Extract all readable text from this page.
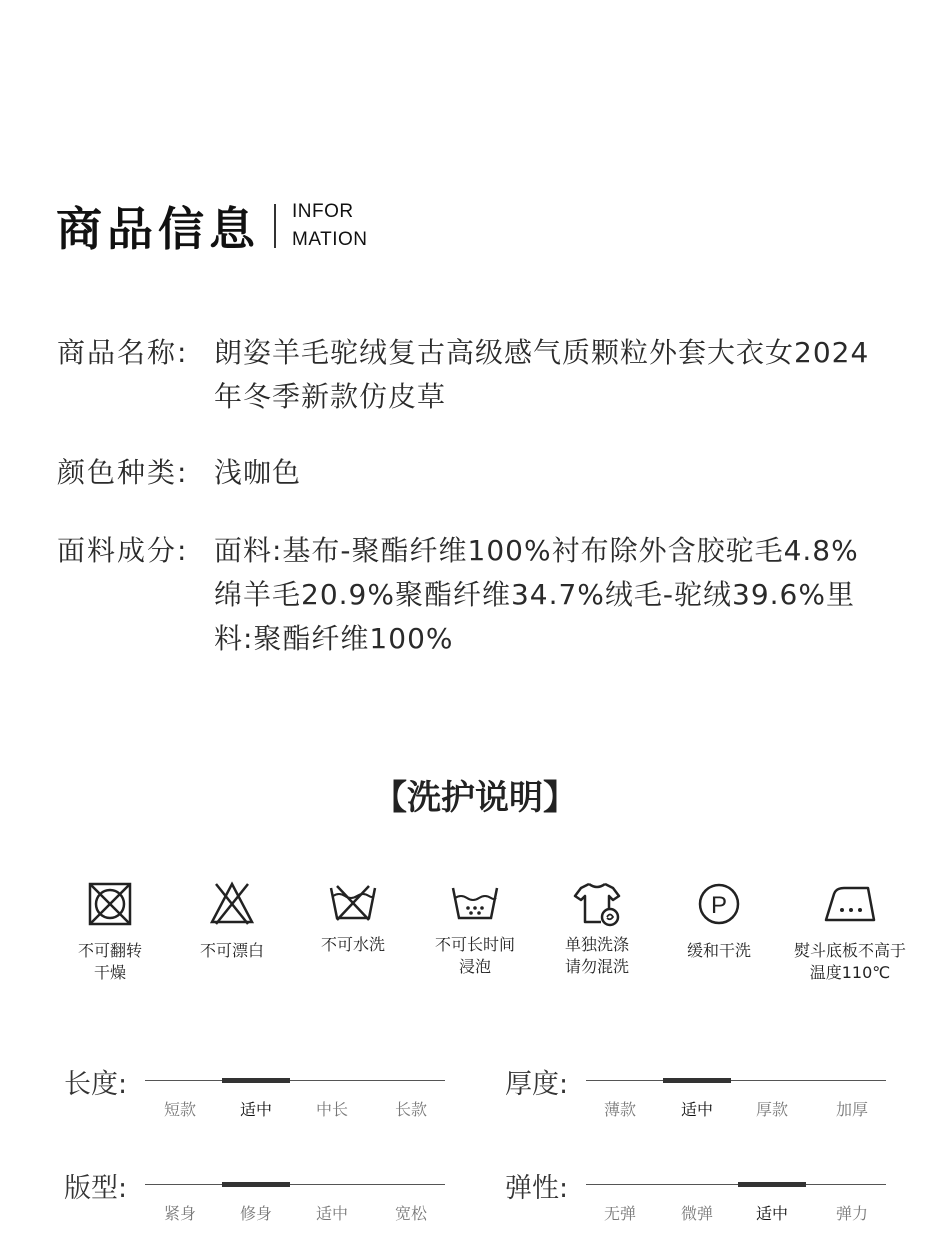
商品信息 INFOR
MATION
商品名称: 朗姿羊毛驼绒复古高级感气质颗粒外套大衣女2024年冬季新款仿皮草
颜色种类: 浅咖色
面料成分: 面料:基布-聚酯纤维100%衬布除外含胶驼毛4.8%绵羊毛20.9%聚酯纤维34.7%绒毛-驼绒39.6%里料:聚酯纤维100%
【洗护说明】
不可翻转
干燥
不可漂白	不可水洗	不可长时间
浸泡
单独洗涤
请勿混洗
P
缓和干洗	熨斗底板不高于
温度110℃
长度:
短款	适中	中长	长款
厚度:
薄款	适中	厚款	加厚
版型:
紧身	修身	适中	宽松
弹性:
无弹	微弹	适中	弹力
